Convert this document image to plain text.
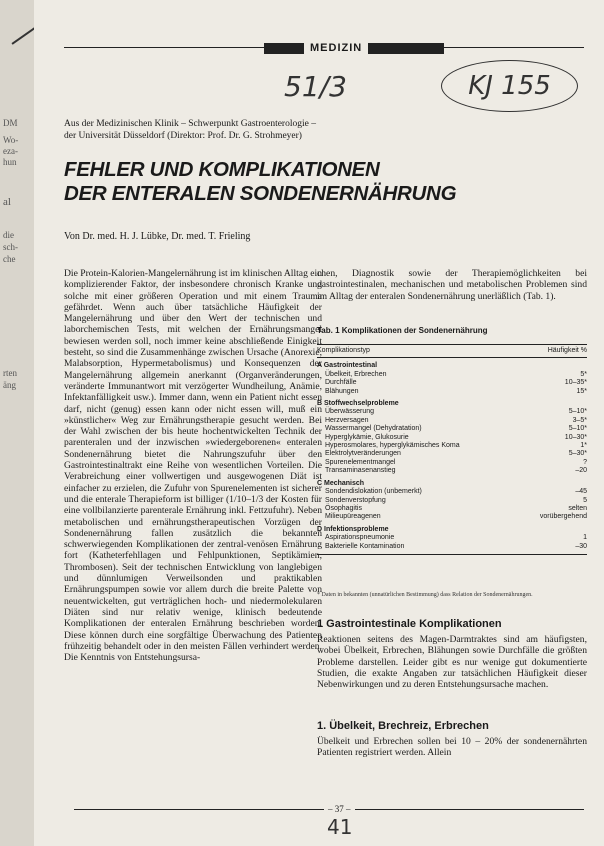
DM
Wo-
eza-
hun
al
die
sch-
che
rten
äng
MEDIZIN
51/3	KJ 155
Aus der Medizinischen Klinik – Schwerpunkt Gastroenterologie –
der Universität Düsseldorf (Direktor: Prof. Dr. G. Strohmeyer)
FEHLER UND KOMPLIKATIONEN
DER ENTERALEN SONDENERNÄHRUNG
Von Dr. med. H. J. Lübke, Dr. med. T. Frieling
Die Protein-Kalorien-Mangelernährung ist im klinischen Alltag ein komplizierender Faktor, der insbesondere chronisch Kranke und solche mit einer größeren Operation und mit einem Trauma gefährdet. Wenn auch über tatsächliche Häufigkeit der Mangelernährung und über den Wert der technischen und laborchemischen Tests, mit welchen der Ernährungsmangel bewiesen werden soll, noch immer keine abschließende Einigkeit besteht, so sind die Zusammenhänge zwischen Ursache (Anorexie, Malabsorption, Hypermetabolismus) und Konsequenzen der Mangelernährung allgemein anerkannt (Organveränderungen, veränderte Immunantwort mit verzögerter Wundheilung, Anämie, Infektanfälligkeit usw.). Immer dann, wenn ein Patient nicht essen darf, nicht (genug) essen kann oder nicht essen will, muß ein »künstlicher« Weg zur Ernährungstherapie gesucht werden. Bei der Wahl zwischen der bis heute hochentwickelten Technik der parenteralen und der inzwischen »wiedergeborenen« enteralen Sondenernährung bietet die Nahrungszufuhr über den Gastrointestinaltrakt eine Reihe von wesentlichen Vorteilen. Die Verabreichung einer vollwertigen und ausgewogenen Diät ist einfacher zu erzielen, die Zufuhr von Spurenelementen ist sicherer und die enterale Therapieform ist billiger (1/10–1/3 der Kosten für eine vollbilanzierte parenterale Ernährung inkl. Fettzufuhr). Neben metabolischen und ernährungstherapeutischen Vorzügen der Sondenernährung fallen zusätzlich die bekannten schwerwiegenden Komplikationen der zentral-venösen Ernährung fort (Katheterfehllagen und Fehlpunktionen, Septikämien, Thrombosen). Seit der technischen Entwicklung von langlebigen und dünnlumigen Verweilsonden und praktikablen Ernährungspumpen sowie vor allem durch die breite Palette von neuentwickelten, gut verträglichen hoch- und niedermolekularen Diäten sind nur relativ wenige, klinisch bedeutende Komplikationen der enteralen Ernährung beschrieben worden. Diese können durch eine sorgfältige Überwachung des Patienten frühzeitig behandelt oder in den meisten Fällen verhindert werden. Die Kenntnis von Entstehungsursa-
chen, Diagnostik sowie der Therapiemöglichkeiten bei gastrointestinalen, mechanischen und metabolischen Problemen sind im Alltag der enteralen Sondenernährung unerläßlich (Tab. 1).
Tab. 1 Komplikationen der Sondenernährung
Komplikationstyp	Häufigkeit %
A Gastrointestinal
Übelkeit, Erbrechen	5*
Durchfälle	10–35*
Blähungen	15*
B Stoffwechselprobleme
Überwässerung	5–10*
Herzversagen	3–5*
Wassermangel (Dehydratation)	5–10*
Hyperglykämie, Glukosurie	10–30*
Hyperosmolares, hyperglykämisches Koma	1*
Elektrolytveränderungen	5–30*
Spurenelementmangel	?
Transaminasenanstieg	–20
C Mechanisch
Sondendislokation (unbemerkt)	–45
Sondenverstopfung	5
Ösophagitis	selten
Milieupüreagenen	vorübergehend
D Infektionsprobleme
Aspirationspneumonie	1
Bakterielle Kontamination	–30
* Daten in bekannten (unnatürlichen Bestimmung) dass Relation der Sondenernährungen.
1 Gastrointestinale Komplikationen
Reaktionen seitens des Magen-Darmtraktes sind am häufigsten, wobei Übelkeit, Erbrechen, Blähungen sowie Durchfälle die größten Probleme darstellen. Leider gibt es nur wenige gut dokumentierte Studien, die exakte Angaben zur tatsächlichen Häufigkeit dieser Nebenwirkungen und zu deren Entstehungsursache machen.
1. Übelkeit, Brechreiz, Erbrechen
Übelkeit und Erbrechen sollen bei 10 – 20% der sondenernährten Patienten registriert werden. Allein
– 37 –
41
